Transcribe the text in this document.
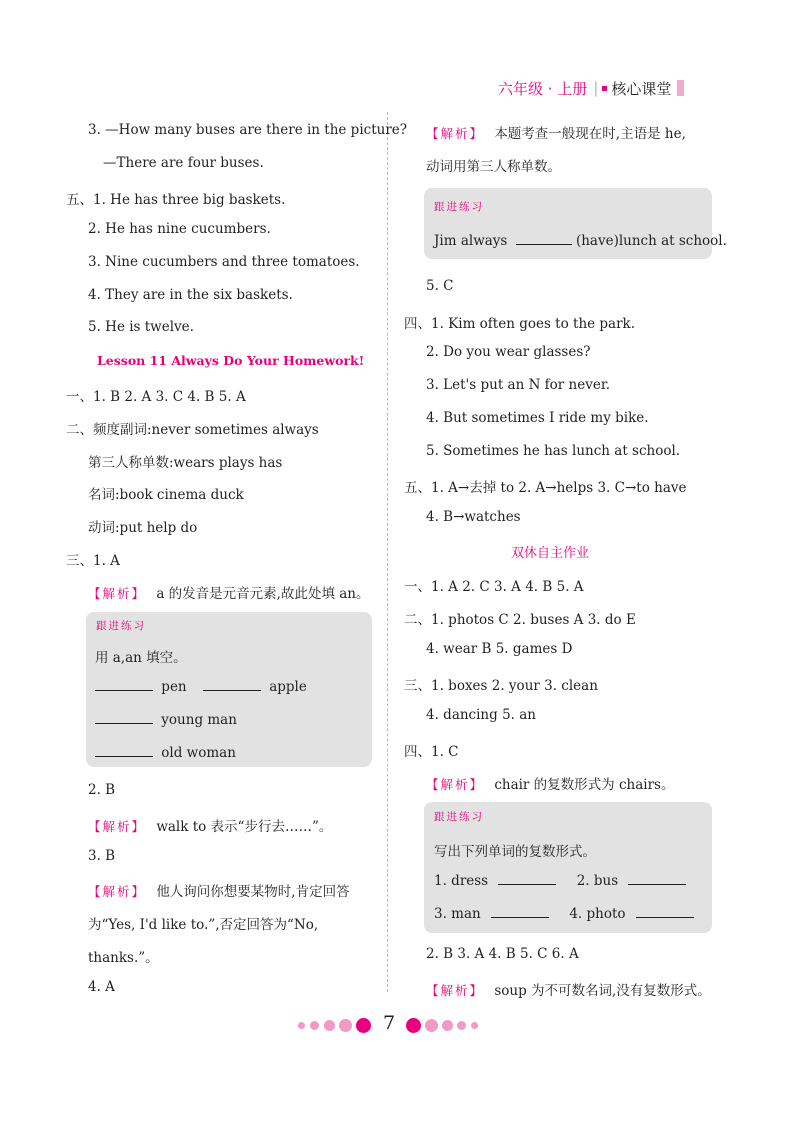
六年级 · 上册 | 核心课堂
3. —How many buses are there in the picture?
—There are four buses.
五、1. He has three big baskets.
2. He has nine cucumbers.
3. Nine cucumbers and three tomatoes.
4. They are in the six baskets.
5. He is twelve.
Lesson 11 Always Do Your Homework!
一、1. B 2. A 3. C 4. B 5. A
二、频度副词:never sometimes always
第三人称单数:wears plays has
名词:book cinema duck
动词:put help do
三、1. A
【解析】 a 的发音是元音元素,故此处填 an。
跟进练习
用 a,an 填空。
pen	apple
young man
old woman
2. B
【解析】 walk to 表示“步行去……”。
3. B
【解析】 他人询问你想要某物时,肯定回答
为“Yes, I'd like to.”,否定回答为“No,
thanks.”。
4. A
【解析】 本题考查一般现在时,主语是 he,
动词用第三人称单数。
跟进练习
Jim always	(have)lunch at school.
5. C
四、1. Kim often goes to the park.
2. Do you wear glasses?
3. Let's put an N for never.
4. But sometimes I ride my bike.
5. Sometimes he has lunch at school.
五、1. A→去掉 to 2. A→helps 3. C→to have
4. B→watches
双休自主作业
一、1. A 2. C 3. A 4. B 5. A
二、1. photos C 2. buses A 3. do E
4. wear B 5. games D
三、1. boxes 2. your 3. clean
4. dancing 5. an
四、1. C
【解析】 chair 的复数形式为 chairs。
跟进练习
写出下列单词的复数形式。
1. dress	2. bus
3. man	4. photo
2. B 3. A 4. B 5. C 6. A
【解析】 soup 为不可数名词,没有复数形式。
7
